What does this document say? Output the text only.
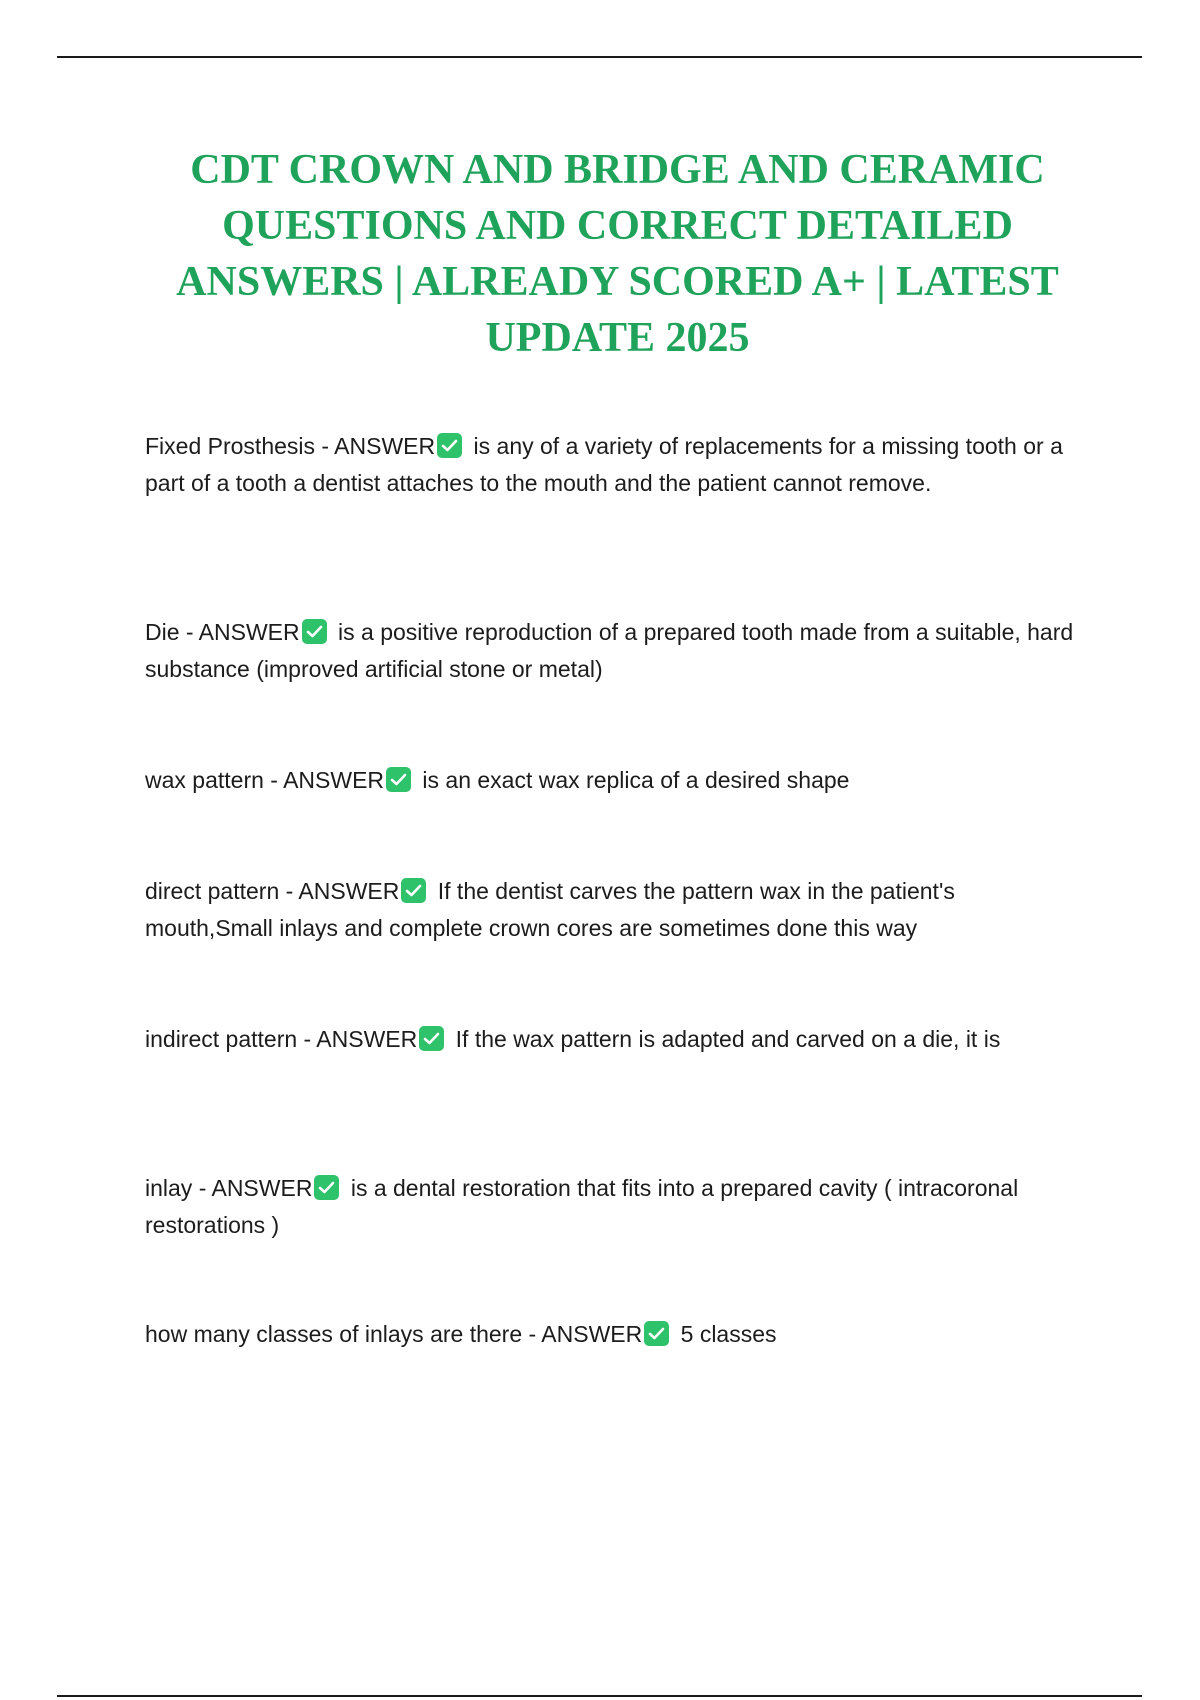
CDT CROWN AND BRIDGE AND CERAMIC QUESTIONS AND CORRECT DETAILED ANSWERS | ALREADY SCORED A+ | LATEST UPDATE 2025

Fixed Prosthesis - ANSWER is any of a variety of replacements for a missing tooth or a part of a tooth a dentist attaches to the mouth and the patient cannot remove.

Die - ANSWER is a positive reproduction of a prepared tooth made from a suitable, hard substance (improved artificial stone or metal)

wax pattern - ANSWER is an exact wax replica of a desired shape

direct pattern - ANSWER If the dentist carves the pattern wax in the patient's mouth,Small inlays and complete crown cores are sometimes done this way

indirect pattern - ANSWER If the wax pattern is adapted and carved on a die, it is

inlay - ANSWER is a dental restoration that fits into a prepared cavity ( intracoronal restorations )

how many classes of inlays are there - ANSWER 5 classes
